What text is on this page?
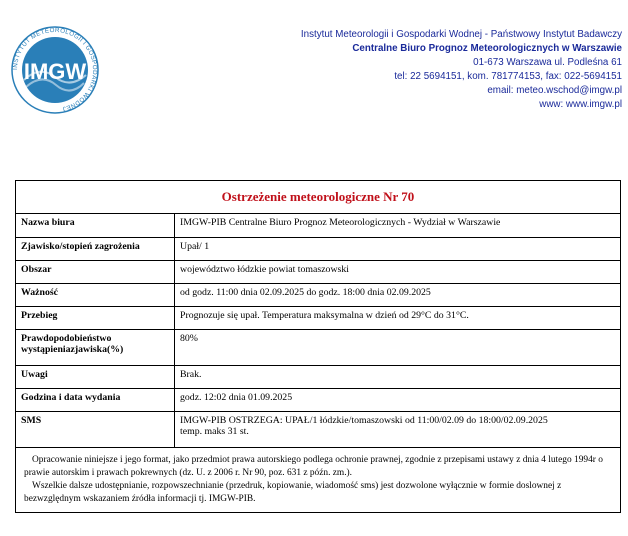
INSTYTUT METEOROLOGII I GOSPODARKI WODNEJ
IMGW
Instytut Meteorologii i Gospodarki Wodnej - Państwowy Instytut Badawczy
Centralne Biuro Prognoz Meteorologicznych w Warszawie
01-673 Warszawa ul. Podleśna 61
tel: 22 5694151, kom. 781774153, fax: 022-5694151
email: meteo.wschod@imgw.pl
www: www.imgw.pl
Ostrzeżenie meteorologiczne Nr 70
Nazwa biura	IMGW-PIB Centralne Biuro Prognoz Meteorologicznych - Wydział w Warszawie
Zjawisko/stopień zagrożenia	Upał/ 1
Obszar	województwo łódzkie powiat tomaszowski
Ważność	od godz. 11:00 dnia 02.09.2025 do godz. 18:00 dnia 02.09.2025
Przebieg	Prognozuje się upał. Temperatura maksymalna w dzień od 29°C do 31°C.
Prawdopodobieństwo wystąpieniazjawiska(%)	80%
Uwagi	Brak.
Godzina i data wydania	godz. 12:02 dnia 01.09.2025
SMS	IMGW-PIB OSTRZEGA: UPAŁ/1 łódzkie/tomaszowski od 11:00/02.09 do 18:00/02.09.2025
temp. maks 31 st.

Opracowanie niniejsze i jego format, jako przedmiot prawa autorskiego podlega ochronie prawnej, zgodnie z przepisami ustawy z dnia 4 lutego 1994r o prawie autorskim i prawach pokrewnych (dz. U. z 2006 r. Nr 90, poz. 631 z późn. zm.).

Wszelkie dalsze udostępnianie, rozpowszechnianie (przedruk, kopiowanie, wiadomość sms) jest dozwolone wyłącznie w formie doslownej z bezwzględnym wskazaniem źródła informacji tj. IMGW-PIB.
